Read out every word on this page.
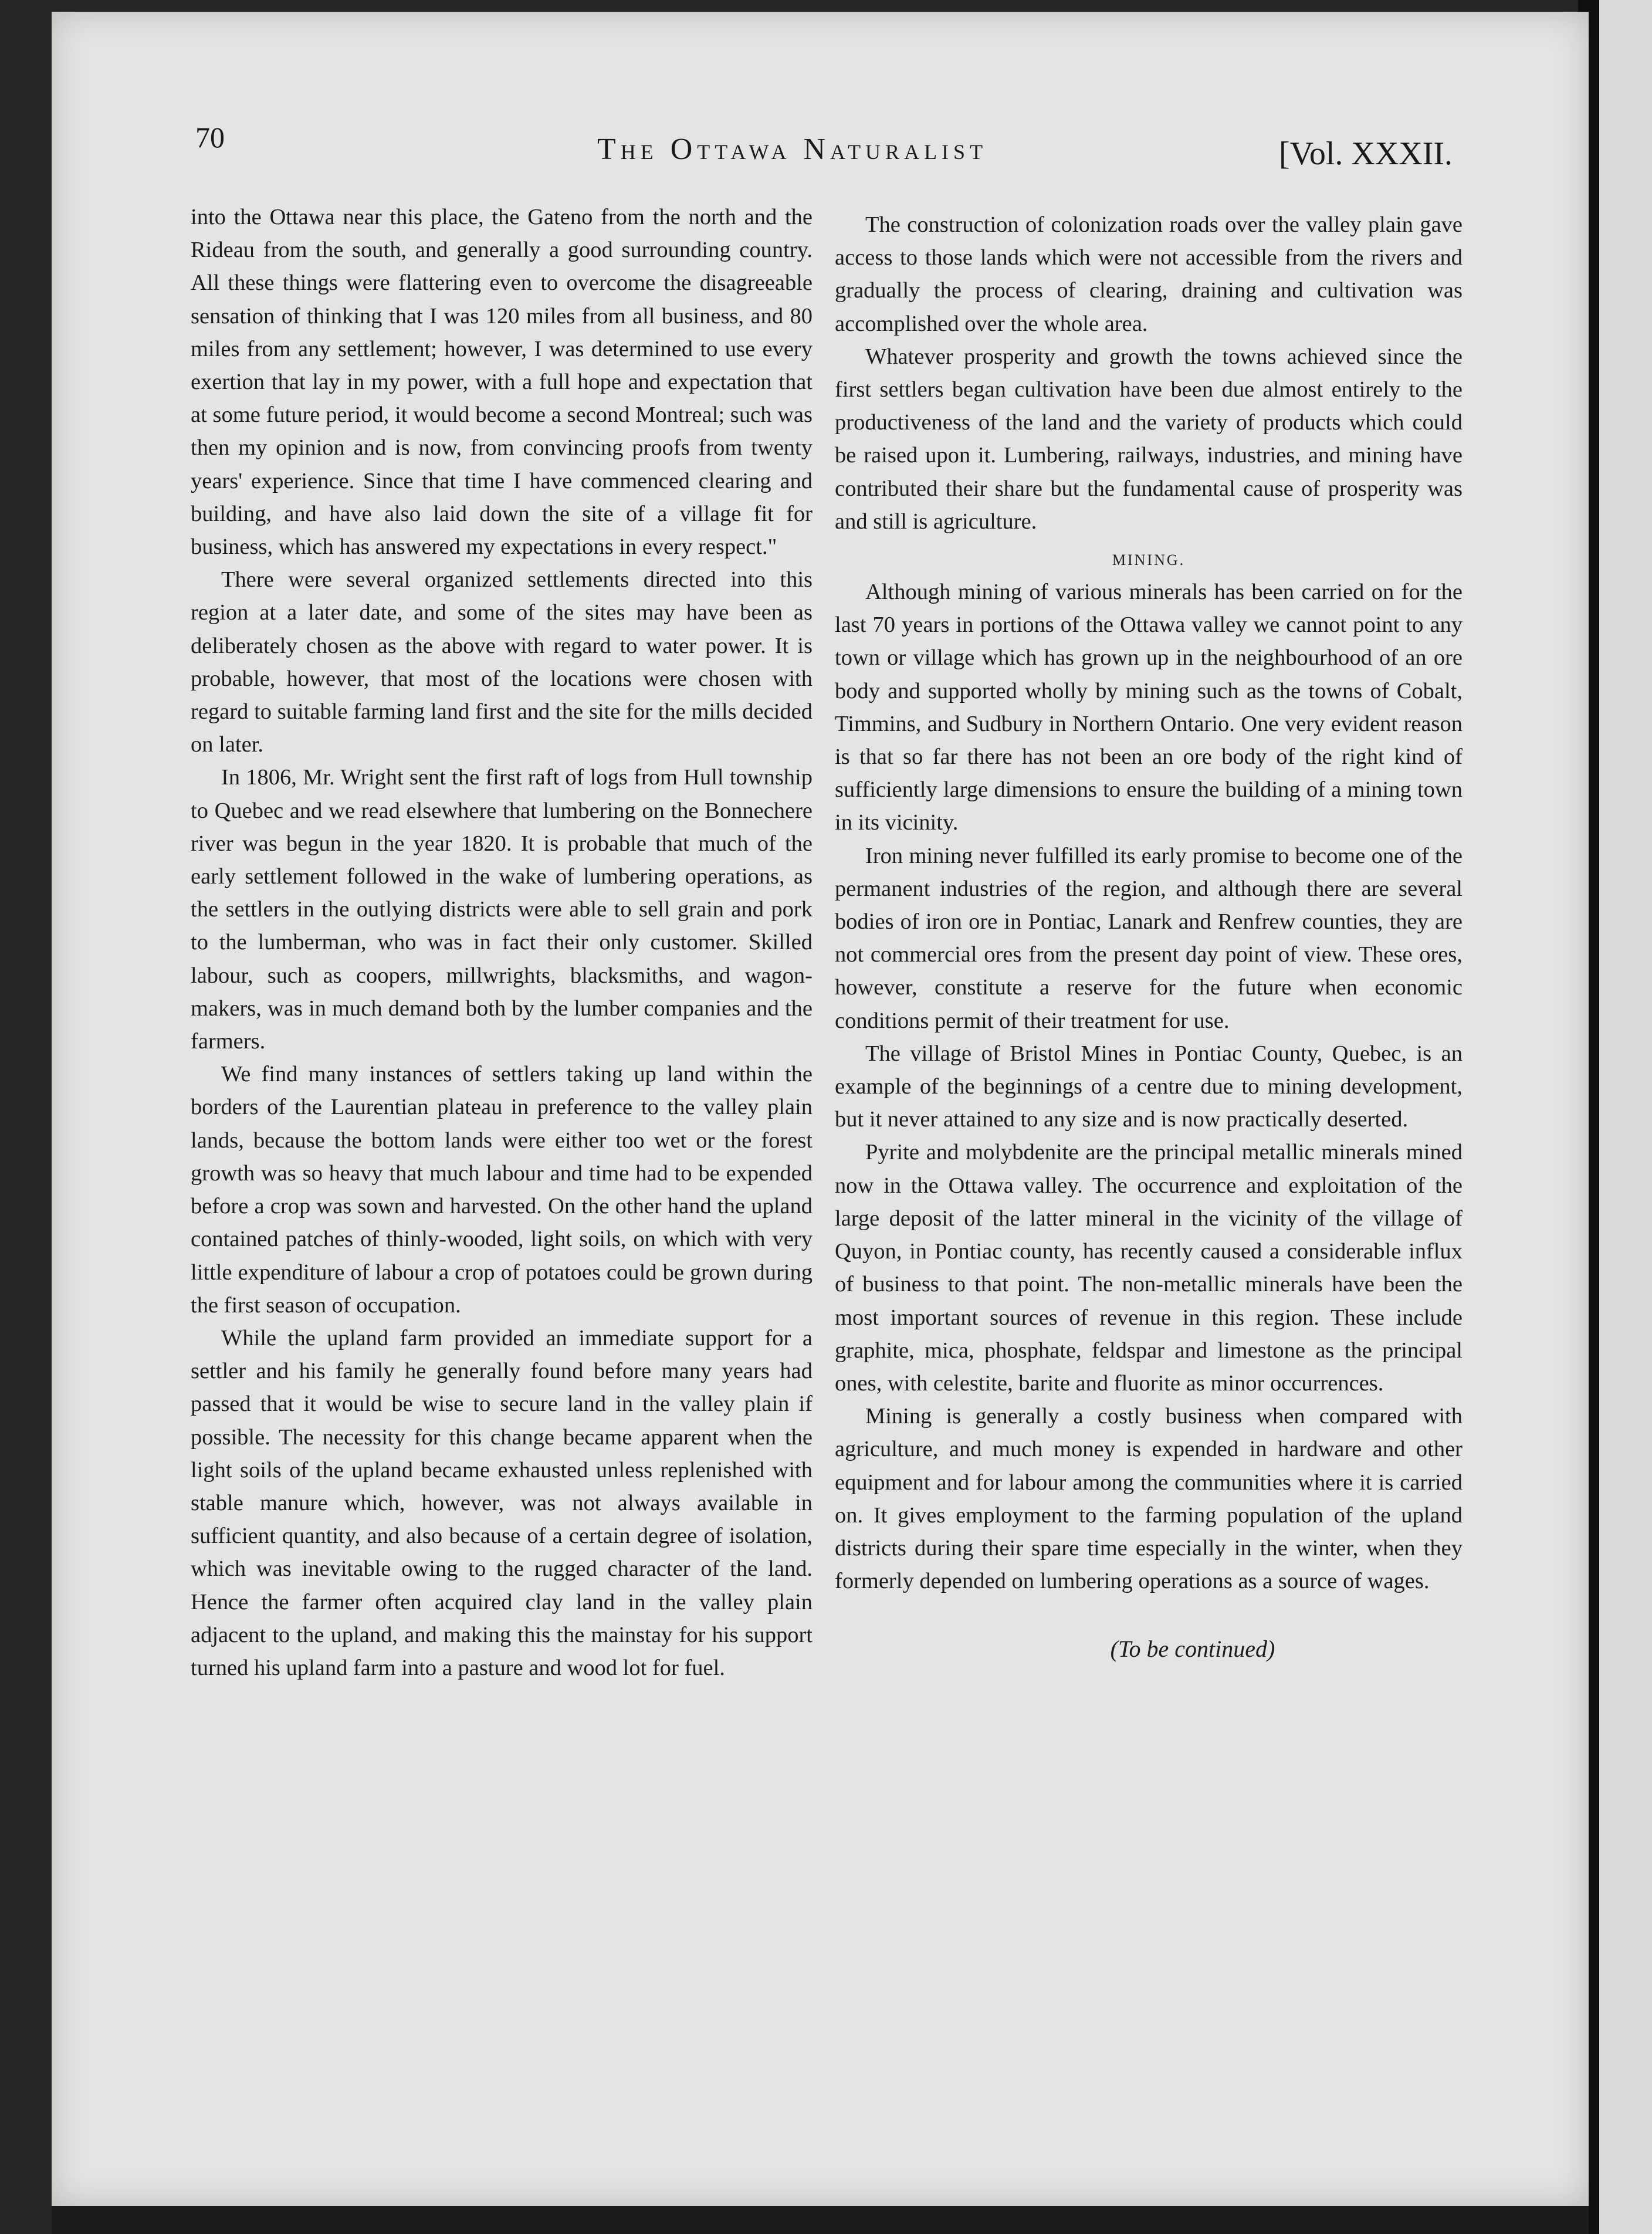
70	The Ottawa Naturalist	[Vol. XXXII.

into the Ottawa near this place, the Gateno from the north and the Rideau from the south, and generally a good surrounding country. All these things were flattering even to overcome the disagreeable sensation of thinking that I was 120 miles from all business, and 80 miles from any settlement; however, I was determined to use every exertion that lay in my power, with a full hope and expectation that at some future period, it would become a second Montreal; such was then my opinion and is now, from convincing proofs from twenty years' experience. Since that time I have commenced clearing and building, and have also laid down the site of a village fit for business, which has answered my expectations in every respect."

There were several organized settlements directed into this region at a later date, and some of the sites may have been as deliberately chosen as the above with regard to water power. It is probable, however, that most of the locations were chosen with regard to suitable farming land first and the site for the mills decided on later.

In 1806, Mr. Wright sent the first raft of logs from Hull township to Quebec and we read elsewhere that lumbering on the Bonnechere river was begun in the year 1820. It is probable that much of the early settlement followed in the wake of lumbering operations, as the settlers in the outlying districts were able to sell grain and pork to the lumberman, who was in fact their only customer. Skilled labour, such as coopers, millwrights, blacksmiths, and wagon-makers, was in much demand both by the lumber companies and the farmers.

We find many instances of settlers taking up land within the borders of the Laurentian plateau in preference to the valley plain lands, because the bottom lands were either too wet or the forest growth was so heavy that much labour and time had to be expended before a crop was sown and harvested. On the other hand the upland contained patches of thinly-wooded, light soils, on which with very little expenditure of labour a crop of potatoes could be grown during the first season of occupation.

While the upland farm provided an immediate support for a settler and his family he generally found before many years had passed that it would be wise to secure land in the valley plain if possible. The necessity for this change became apparent when the light soils of the upland became exhausted unless replenished with stable manure which, however, was not always available in sufficient quantity, and also because of a certain degree of isolation, which was inevitable owing to the rugged character of the land. Hence the farmer often acquired clay land in the valley plain adjacent to the upland, and making this the mainstay for his support turned his upland farm into a pasture and wood lot for fuel.

The construction of colonization roads over the valley plain gave access to those lands which were not accessible from the rivers and gradually the process of clearing, draining and cultivation was accomplished over the whole area.

Whatever prosperity and growth the towns achieved since the first settlers began cultivation have been due almost entirely to the productiveness of the land and the variety of products which could be raised upon it. Lumbering, railways, industries, and mining have contributed their share but the fundamental cause of prosperity was and still is agriculture.

MINING.

Although mining of various minerals has been carried on for the last 70 years in portions of the Ottawa valley we cannot point to any town or village which has grown up in the neighbourhood of an ore body and supported wholly by mining such as the towns of Cobalt, Timmins, and Sudbury in Northern Ontario. One very evident reason is that so far there has not been an ore body of the right kind of sufficiently large dimensions to ensure the building of a mining town in its vicinity.

Iron mining never fulfilled its early promise to become one of the permanent industries of the region, and although there are several bodies of iron ore in Pontiac, Lanark and Renfrew counties, they are not commercial ores from the present day point of view. These ores, however, constitute a reserve for the future when economic conditions permit of their treatment for use.

The village of Bristol Mines in Pontiac County, Quebec, is an example of the beginnings of a centre due to mining development, but it never attained to any size and is now practically deserted.

Pyrite and molybdenite are the principal metallic minerals mined now in the Ottawa valley. The occurrence and exploitation of the large deposit of the latter mineral in the vicinity of the village of Quyon, in Pontiac county, has recently caused a considerable influx of business to that point. The non-metallic minerals have been the most important sources of revenue in this region. These include graphite, mica, phosphate, feldspar and limestone as the principal ones, with celestite, barite and fluorite as minor occurrences.

Mining is generally a costly business when compared with agriculture, and much money is expended in hardware and other equipment and for labour among the communities where it is carried on. It gives employment to the farming population of the upland districts during their spare time especially in the winter, when they formerly depended on lumbering operations as a source of wages.

(To be continued)
